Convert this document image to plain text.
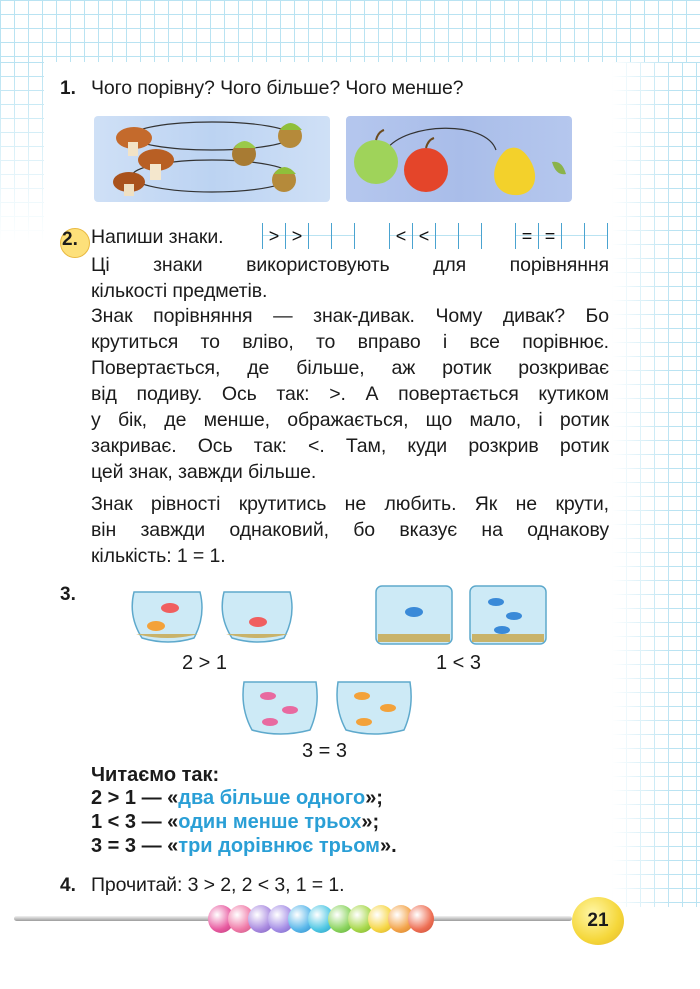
1. Чого порівну? Чого більше? Чого менше?
2. Напиши знаки.	> >	< <	= =
Ці знаки використовують для порівняння
кількості предметів.
Знак порівняння — знак-дивак. Чому дивак? Бо
крутиться то вліво, то вправо і все порівнює.
Повертається, де більше, аж ротик розкриває
від подиву. Ось так: >. А повертається кутиком
у бік, де менше, ображається, що мало, і ротик
закриває. Ось так: <. Там, куди розкрив ротик
цей знак, завжди більше.
Знак рівності крутитись не любить. Як не крути,
він завжди однаковий, бо вказує на однакову
кількість: 1 = 1.
3.
2 > 1	1 < 3
3 = 3
Читаємо так:
2 > 1 — «два більше одного»;
1 < 3 — «один менше трьох»;
3 = 3 — «три дорівнює трьом».
4. Прочитай: 3 > 2, 2 < 3, 1 = 1.
21
